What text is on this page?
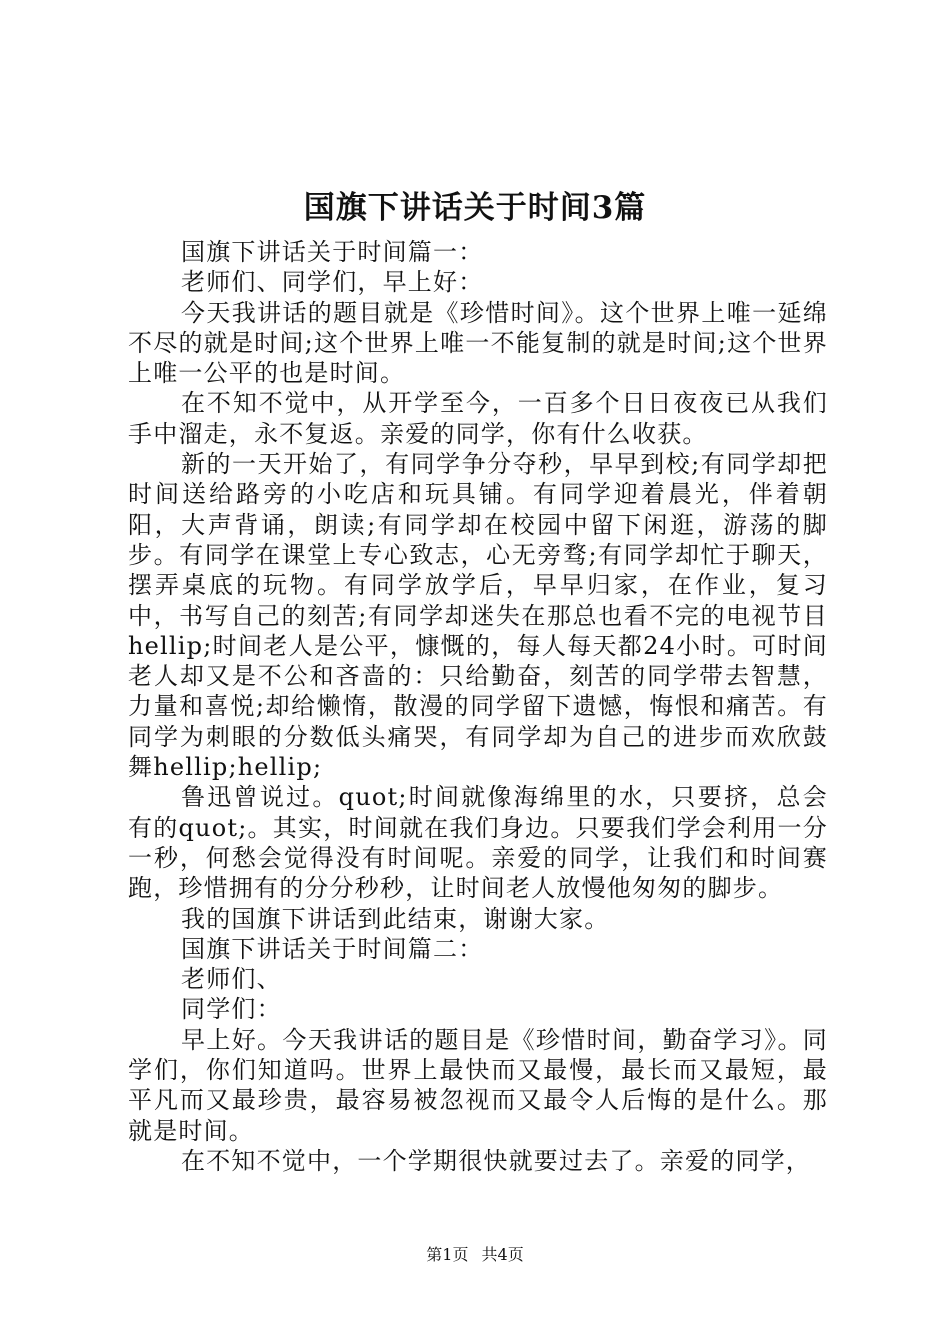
国旗下讲话关于时间3篇

国旗下讲话关于时间篇一：

老师们、同学们，早上好：

今天我讲话的题目就是《珍惜时间》。这个世界上唯一延绵不尽的就是时间;这个世界上唯一不能复制的就是时间;这个世界上唯一公平的也是时间。

在不知不觉中，从开学至今，一百多个日日夜夜已从我们手中溜走，永不复返。亲爱的同学，你有什么收获。

新的一天开始了，有同学争分夺秒，早早到校;有同学却把时间送给路旁的小吃店和玩具铺。有同学迎着晨光，伴着朝阳，大声背诵，朗读;有同学却在校园中留下闲逛，游荡的脚步。有同学在课堂上专心致志，心无旁骛;有同学却忙于聊天，摆弄桌底的玩物。有同学放学后，早早归家，在作业，复习中，书写自己的刻苦;有同学却迷失在那总也看不完的电视节目hellip;时间老人是公平，慷慨的，每人每天都24小时。可时间老人却又是不公和吝啬的：只给勤奋，刻苦的同学带去智慧，力量和喜悦;却给懒惰，散漫的同学留下遗憾，悔恨和痛苦。有同学为刺眼的分数低头痛哭，有同学却为自己的进步而欢欣鼓舞hellip;hellip;

鲁迅曾说过。quot;时间就像海绵里的水，只要挤，总会有的quot;。其实，时间就在我们身边。只要我们学会利用一分一秒，何愁会觉得没有时间呢。亲爱的同学，让我们和时间赛跑，珍惜拥有的分分秒秒，让时间老人放慢他匆匆的脚步。

我的国旗下讲话到此结束，谢谢大家。

国旗下讲话关于时间篇二：

老师们、

同学们：

早上好。今天我讲话的题目是《珍惜时间，勤奋学习》。同学们，你们知道吗。世界上最快而又最慢，最长而又最短，最平凡而又最珍贵，最容易被忽视而又最令人后悔的是什么。那就是时间。

在不知不觉中，一个学期很快就要过去了。亲爱的同学，

第1页 共4页
